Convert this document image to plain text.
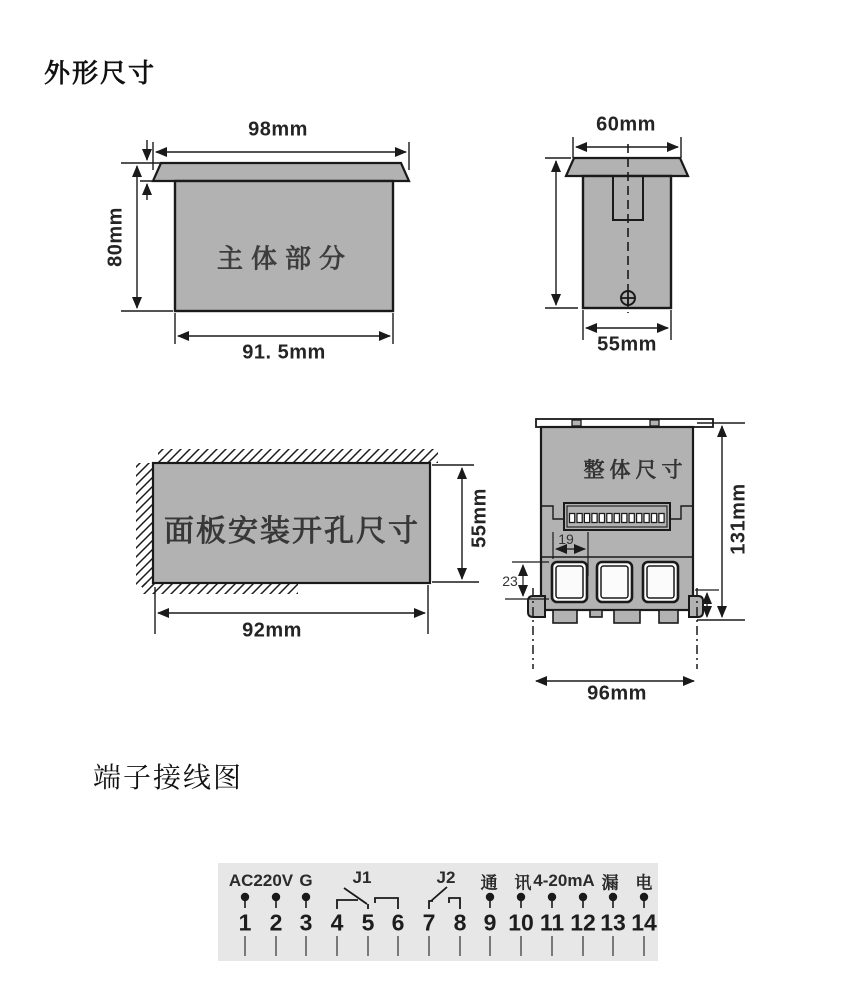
外形尺寸
98mm
80mm
91. 5mm
主体部分
60mm
55mm
面板安装开孔尺寸
92mm
55mm
整体尺寸
131mm
96mm
19
23
端子接线图
AC220V G J1	J2	通 讯
4-20mA 漏 电
1 2 3 4 5 6 7 8 9 10 11 12 13 14
